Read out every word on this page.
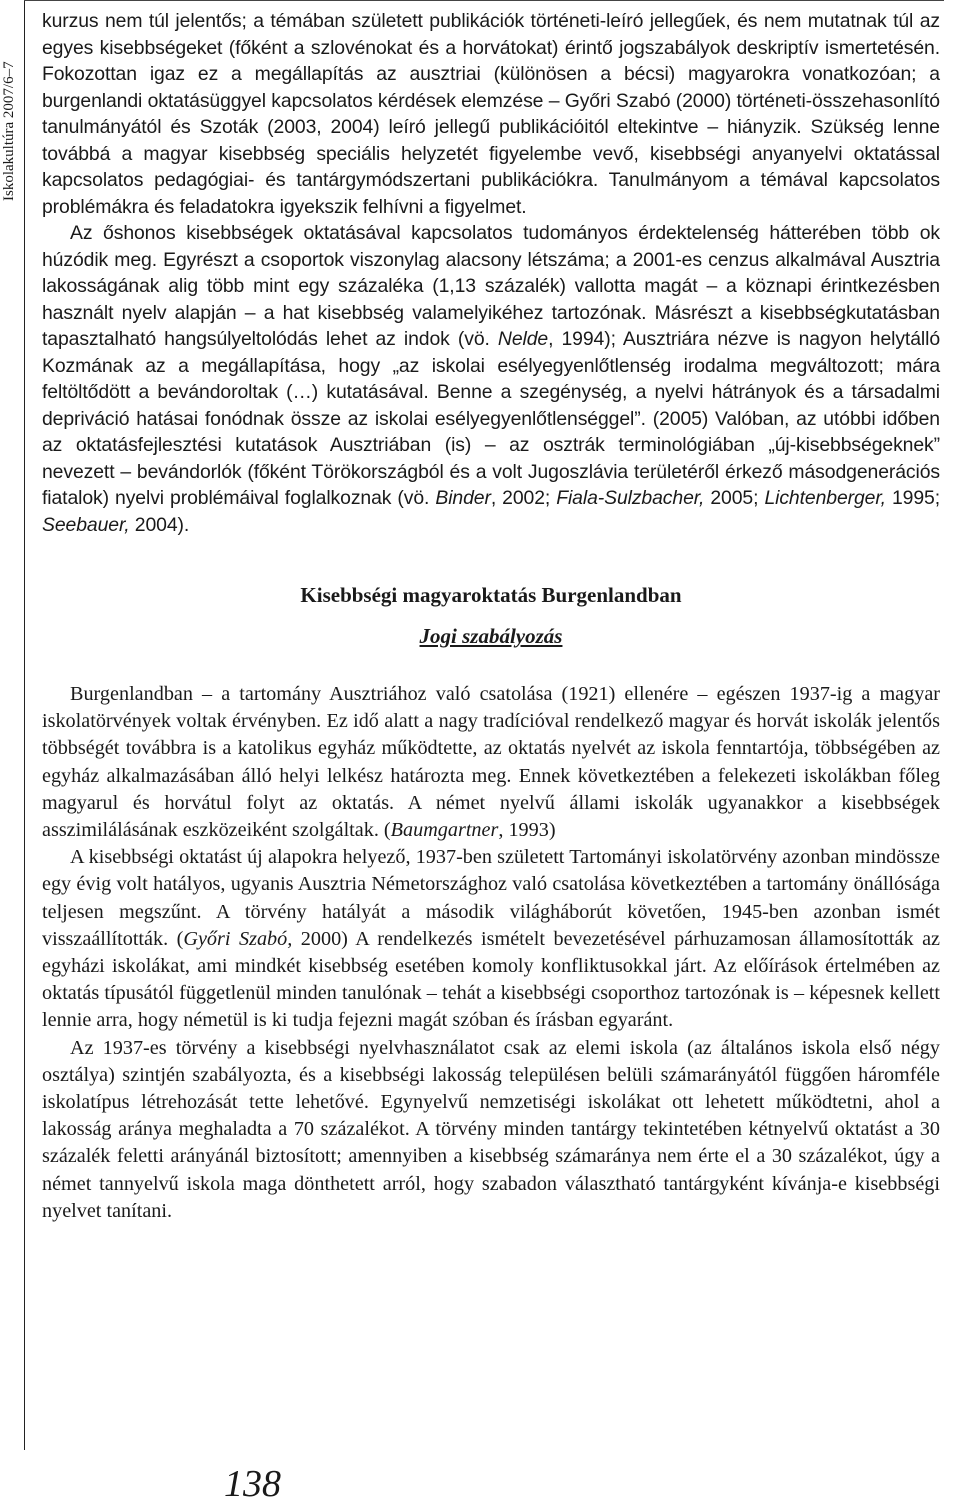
Iskolakultúra 2007/6–7

kurzus nem túl jelentős; a témában született publikációk történeti-leíró jellegűek, és nem mutatnak túl az egyes kisebbségeket (főként a szlovénokat és a horvátokat) érintő jogszabályok deskriptív ismertetésén. Fokozottan igaz ez a megállapítás az ausztriai (különösen a bécsi) magyarokra vonatkozóan; a burgenlandi oktatásüggyel kapcsolatos kérdések elemzése – Győri Szabó (2000) történeti-összehasonlító tanulmányától és Szoták (2003, 2004) leíró jellegű publikációitól eltekintve – hiányzik. Szükség lenne továbbá a magyar kisebbség speciális helyzetét figyelembe vevő, kisebbségi anyanyelvi oktatással kapcsolatos pedagógiai- és tantárgymódszertani publikációkra. Tanulmányom a témával kapcsolatos problémákra és feladatokra igyekszik felhívni a figyelmet.

Az őshonos kisebbségek oktatásával kapcsolatos tudományos érdektelenség hátterében több ok húzódik meg. Egyrészt a csoportok viszonylag alacsony létszáma; a 2001-es cenzus alkalmával Ausztria lakosságának alig több mint egy százaléka (1,13 százalék) vallotta magát – a köznapi érintkezésben használt nyelv alapján – a hat kisebbség valamelyikéhez tartozónak. Másrészt a kisebbségkutatásban tapasztalható hangsúlyeltolódás lehet az indok (vö. Nelde, 1994); Ausztriára nézve is nagyon helytálló Kozmának az a megállapítása, hogy „az iskolai esélyegyenlőtlenség irodalma megváltozott; mára feltöltődött a bevándoroltak (…) kutatásával. Benne a szegénység, a nyelvi hátrányok és a társadalmi depriváció hatásai fonódnak össze az iskolai esélyegyenlőtlenséggel”. (2005) Valóban, az utóbbi időben az oktatásfejlesztési kutatások Ausztriában (is) – az osztrák terminológiában „új-kisebbségeknek” nevezett – bevándorlók (főként Törökországból és a volt Jugoszlávia területéről érkező másodgenerációs fiatalok) nyelvi problémáival foglalkoznak (vö. Binder, 2002; Fiala-Sulzbacher, 2005; Lichtenberger, 1995; Seebauer, 2004).

Kisebbségi magyaroktatás Burgenlandban
Jogi szabályozás

Burgenlandban – a tartomány Ausztriához való csatolása (1921) ellenére – egészen 1937-ig a magyar iskolatörvények voltak érvényben. Ez idő alatt a nagy tradícióval rendelkező magyar és horvát iskolák jelentős többségét továbbra is a katolikus egyház működtette, az oktatás nyelvét az iskola fenntartója, többségében az egyház alkalmazásában álló helyi lelkész határozta meg. Ennek következtében a felekezeti iskolákban főleg magyarul és horvátul folyt az oktatás. A német nyelvű állami iskolák ugyanakkor a kisebbségek asszimilálásának eszközeiként szolgáltak. (Baumgartner, 1993)

A kisebbségi oktatást új alapokra helyező, 1937-ben született Tartományi iskolatörvény azonban mindössze egy évig volt hatályos, ugyanis Ausztria Németországhoz való csatolása következtében a tartomány önállósága teljesen megszűnt. A törvény hatályát a második világháborút követően, 1945-ben azonban ismét visszaállították. (Győri Szabó, 2000) A rendelkezés ismételt bevezetésével párhuzamosan államosították az egyházi iskolákat, ami mindkét kisebbség esetében komoly konfliktusokkal járt. Az előírások értelmében az oktatás típusától függetlenül minden tanulónak – tehát a kisebbségi csoporthoz tartozónak is – képesnek kellett lennie arra, hogy németül is ki tudja fejezni magát szóban és írásban egyaránt.

Az 1937-es törvény a kisebbségi nyelvhasználatot csak az elemi iskola (az általános iskola első négy osztálya) szintjén szabályozta, és a kisebbségi lakosság településen belüli számarányától függően háromféle iskolatípus létrehozását tette lehetővé. Egynyelvű nemzetiségi iskolákat ott lehetett működtetni, ahol a lakosság aránya meghaladta a 70 százalékot. A törvény minden tantárgy tekintetében kétnyelvű oktatást a 30 százalék feletti arányánál biztosított; amennyiben a kisebbség számaránya nem érte el a 30 százalékot, úgy a német tannyelvű iskola maga dönthetett arról, hogy szabadon választható tantárgyként kívánja-e kisebbségi nyelvet tanítani.

138
